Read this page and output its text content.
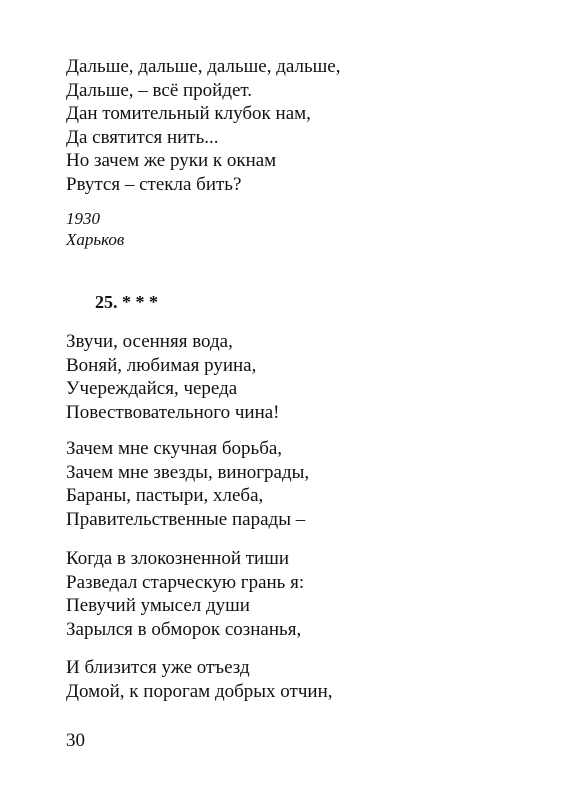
Дальше, дальше, дальше, дальше,
Дальше, – всё пройдет.
Дан томительный клубок нам,
Да святится нить...
Но зачем же руки к окнам
Рвутся – стекла бить?
1930
Харьков
25. * * *
Звучи, осенняя вода,
Воняй, любимая руина,
Учереждайся, череда
Повествовательного чина!
Зачем мне скучная борьба,
Зачем мне звезды, винограды,
Бараны, пастыри, хлеба,
Правительственные парады –
Когда в злокозненной тиши
Разведал старческую грань я:
Певучий умысел души
Зарылся в обморок сознанья,
И близится уже отъезд
Домой, к порогам добрых отчин,
30
